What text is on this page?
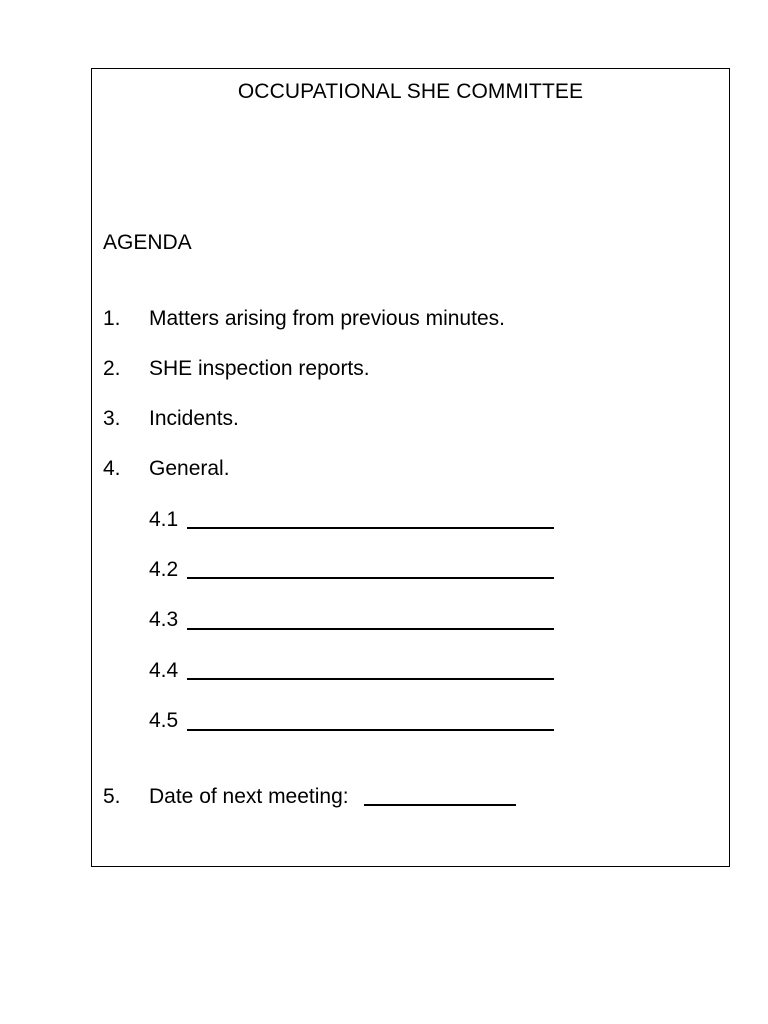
OCCUPATIONAL SHE COMMITTEE
AGENDA
1. Matters arising from previous minutes.
2. SHE inspection reports.
3. Incidents.
4. General.
4.1
4.2
4.3
4.4
4.5
5. Date of next meeting:
